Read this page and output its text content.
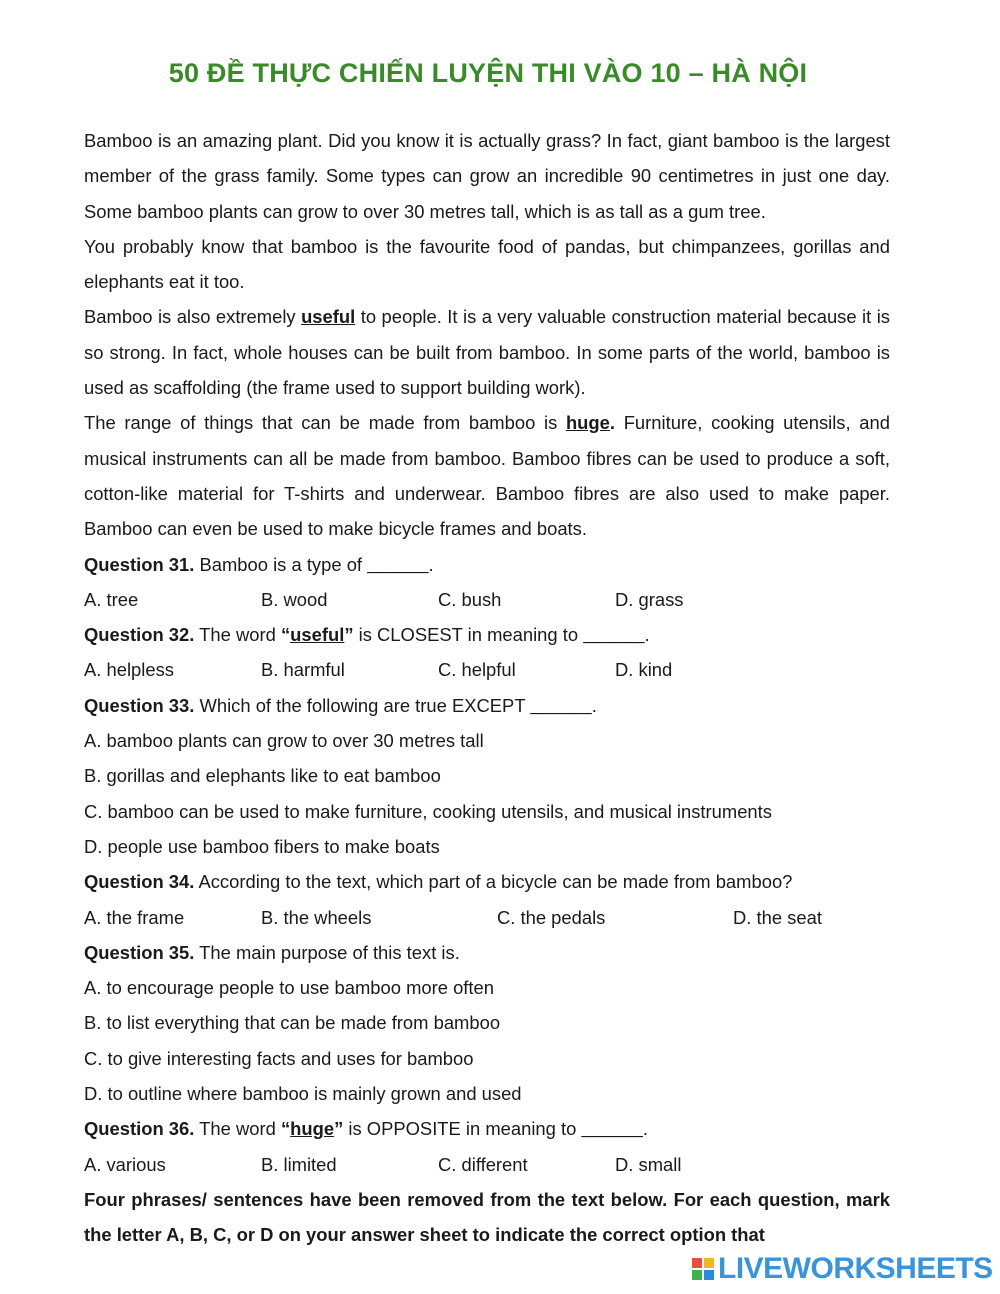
50 ĐỀ THỰC CHIẾN LUYỆN THI VÀO 10 – HÀ NỘI

Bamboo is an amazing plant. Did you know it is actually grass? In fact, giant bamboo is the largest member of the grass family. Some types can grow an incredible 90 centimetres in just one day. Some bamboo plants can grow to over 30 metres tall, which is as tall as a gum tree.

You probably know that bamboo is the favourite food of pandas, but chimpanzees, gorillas and elephants eat it too.

Bamboo is also extremely useful to people. It is a very valuable construction material because it is so strong. In fact, whole houses can be built from bamboo. In some parts of the world, bamboo is used as scaffolding (the frame used to support building work).

The range of things that can be made from bamboo is huge. Furniture, cooking utensils, and musical instruments can all be made from bamboo. Bamboo fibres can be used to produce a soft, cotton-like material for T-shirts and underwear. Bamboo fibres are also used to make paper. Bamboo can even be used to make bicycle frames and boats.

Question 31. Bamboo is a type of ______.

A. tree	B. wood	C. bush	D. grass

Question 32. The word “useful” is CLOSEST in meaning to ______.

A. helpless	B. harmful	C. helpful	D. kind

Question 33. Which of the following are true EXCEPT ______.

A. bamboo plants can grow to over 30 metres tall

B. gorillas and elephants like to eat bamboo

C. bamboo can be used to make furniture, cooking utensils, and musical instruments

D. people use bamboo fibers to make boats

Question 34. According to the text, which part of a bicycle can be made from bamboo?

A. the frame	B. the wheels	C. the pedals	D. the seat

Question 35. The main purpose of this text is.

A. to encourage people to use bamboo more often

B. to list everything that can be made from bamboo

C. to give interesting facts and uses for bamboo

D. to outline where bamboo is mainly grown and used

Question 36. The word “huge” is OPPOSITE in meaning to ______.

A. various	B. limited	C. different	D. small

Four phrases/ sentences have been removed from the text below. For each question, mark the letter A, B, C, or D on your answer sheet to indicate the correct option that

LIVEWORKSHEETS
